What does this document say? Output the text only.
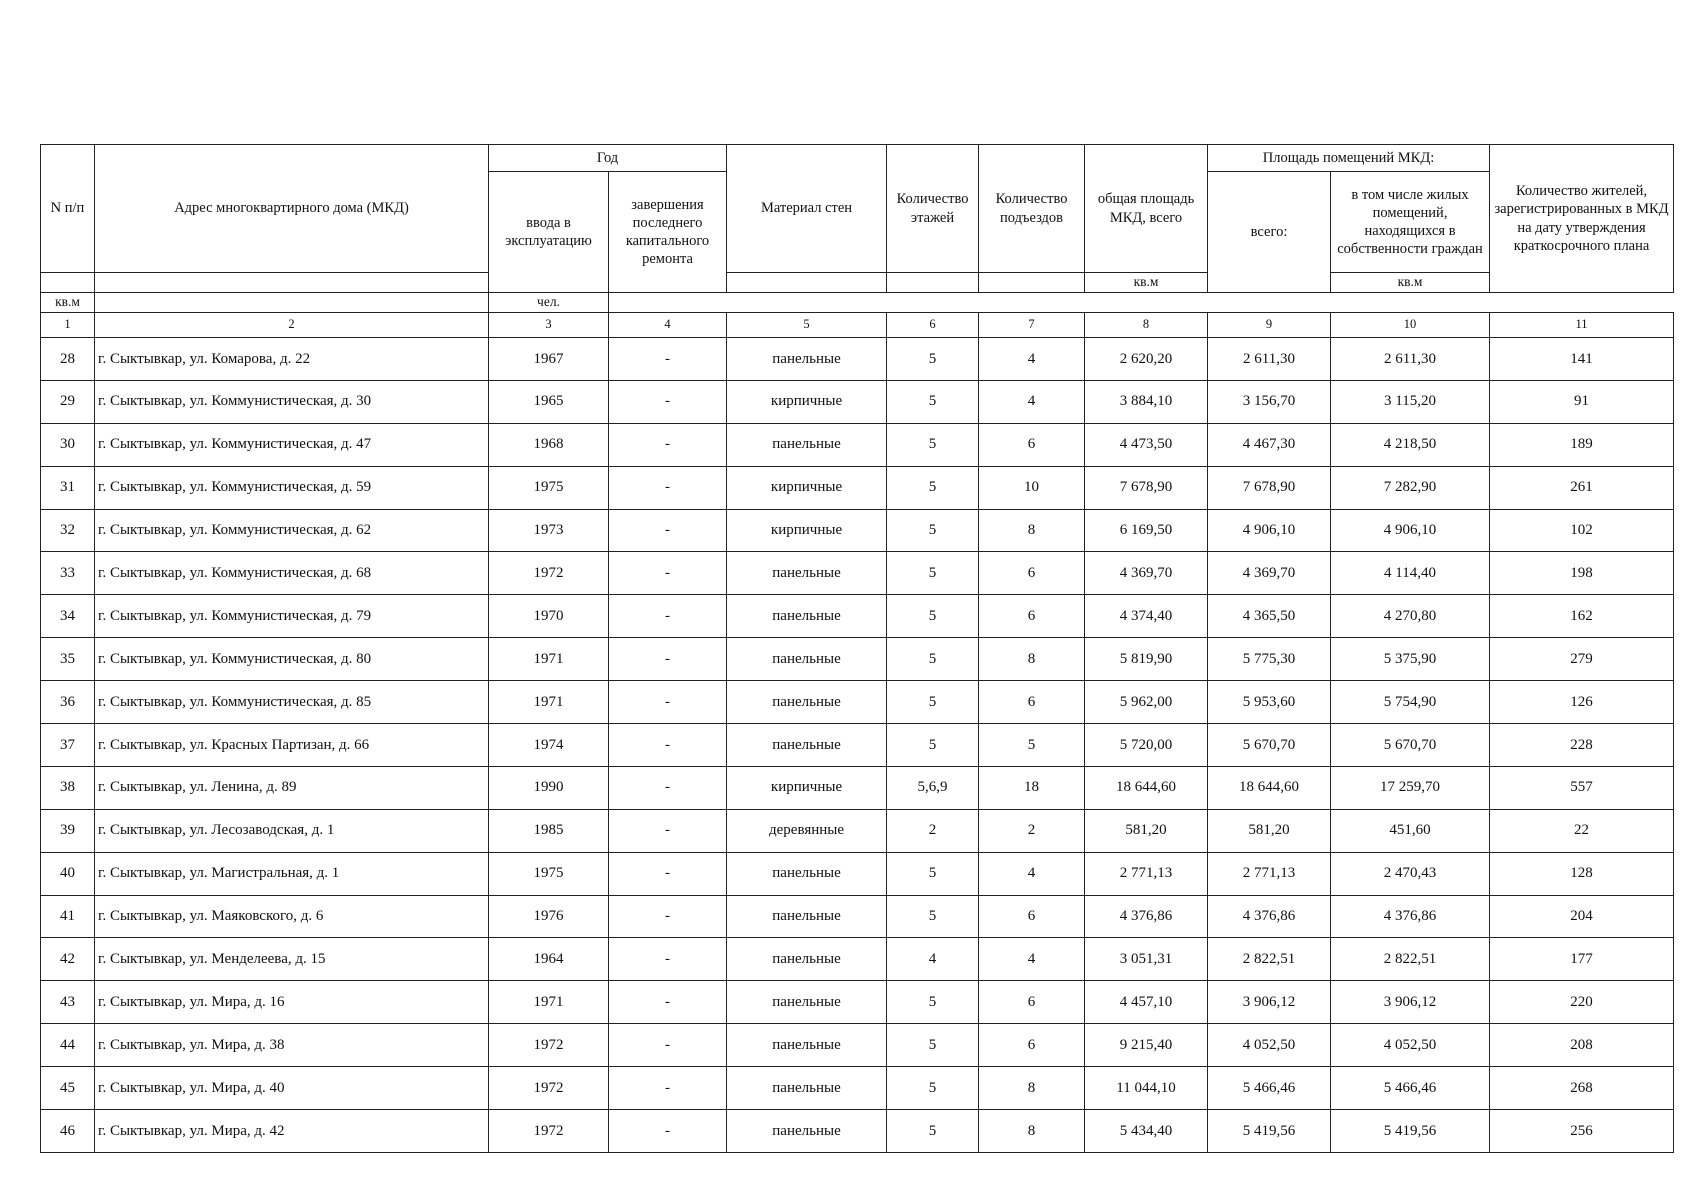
N п/п	Адрес многоквартирного дома (МКД)	Год		Материал стен	Количество этажей	Количество подъездов	общая площадь МКД, всего	Площадь помещений МКД:		Количество жителей, зарегистрированных в МКД на дату утверждения краткосрочного плана
		ввода в эксплуатацию	завершения последнего капитального ремонта					всего:	в том числе жилых помещений, находящихся в собственности граждан	
							кв.м		кв.м	
кв.м		чел.								
1	2	3	4	5	6	7	8	9	10	11
28	г. Сыктывкар, ул. Комарова, д. 22	1967	-	панельные	5	4	2 620,20	2 611,30	2 611,30	141
29	г. Сыктывкар, ул. Коммунистическая, д. 30	1965	-	кирпичные	5	4	3 884,10	3 156,70	3 115,20	91
30	г. Сыктывкар, ул. Коммунистическая, д. 47	1968	-	панельные	5	6	4 473,50	4 467,30	4 218,50	189
31	г. Сыктывкар, ул. Коммунистическая, д. 59	1975	-	кирпичные	5	10	7 678,90	7 678,90	7 282,90	261
32	г. Сыктывкар, ул. Коммунистическая, д. 62	1973	-	кирпичные	5	8	6 169,50	4 906,10	4 906,10	102
33	г. Сыктывкар, ул. Коммунистическая, д. 68	1972	-	панельные	5	6	4 369,70	4 369,70	4 114,40	198
34	г. Сыктывкар, ул. Коммунистическая, д. 79	1970	-	панельные	5	6	4 374,40	4 365,50	4 270,80	162
35	г. Сыктывкар, ул. Коммунистическая, д. 80	1971	-	панельные	5	8	5 819,90	5 775,30	5 375,90	279
36	г. Сыктывкар, ул. Коммунистическая, д. 85	1971	-	панельные	5	6	5 962,00	5 953,60	5 754,90	126
37	г. Сыктывкар, ул. Красных Партизан, д. 66	1974	-	панельные	5	5	5 720,00	5 670,70	5 670,70	228
38	г. Сыктывкар, ул. Ленина, д. 89	1990	-	кирпичные	5,6,9	18	18 644,60	18 644,60	17 259,70	557
39	г. Сыктывкар, ул. Лесозаводская, д. 1	1985	-	деревянные	2	2	581,20	581,20	451,60	22
40	г. Сыктывкар, ул. Магистральная, д. 1	1975	-	панельные	5	4	2 771,13	2 771,13	2 470,43	128
41	г. Сыктывкар, ул. Маяковского, д. 6	1976	-	панельные	5	6	4 376,86	4 376,86	4 376,86	204
42	г. Сыктывкар, ул. Менделеева, д. 15	1964	-	панельные	4	4	3 051,31	2 822,51	2 822,51	177
43	г. Сыктывкар, ул. Мира, д. 16	1971	-	панельные	5	6	4 457,10	3 906,12	3 906,12	220
44	г. Сыктывкар, ул. Мира, д. 38	1972	-	панельные	5	6	9 215,40	4 052,50	4 052,50	208
45	г. Сыктывкар, ул. Мира, д. 40	1972	-	панельные	5	8	11 044,10	5 466,46	5 466,46	268
46	г. Сыктывкар, ул. Мира, д. 42	1972	-	панельные	5	8	5 434,40	5 419,56	5 419,56	256
